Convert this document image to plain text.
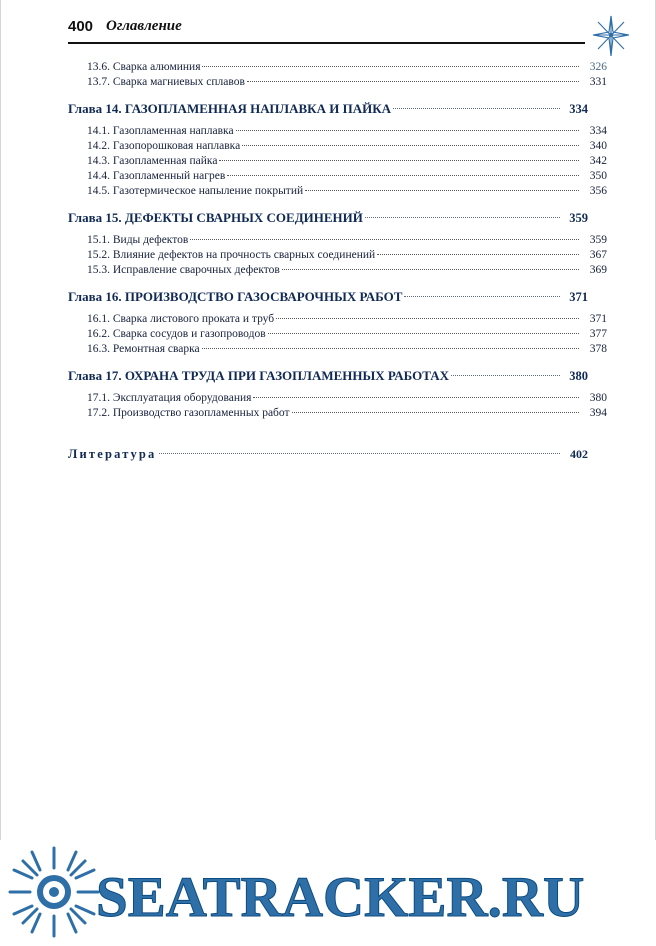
400 Оглавление
13.6. Сварка алюминия	326
13.7. Сварка магниевых сплавов	331
Глава 14. ГАЗОПЛАМЕННАЯ НАПЛАВКА И ПАЙКА	334
14.1. Газопламенная наплавка	334
14.2. Газопорошковая наплавка	340
14.3. Газопламенная пайка	342
14.4. Газопламенный нагрев	350
14.5. Газотермическое напыление покрытий	356
Глава 15. ДЕФЕКТЫ СВАРНЫХ СОЕДИНЕНИЙ	359
15.1. Виды дефектов	359
15.2. Влияние дефектов на прочность сварных соединений	367
15.3. Исправление сварочных дефектов	369
Глава 16. ПРОИЗВОДСТВО ГАЗОСВАРОЧНЫХ РАБОТ	371
16.1. Сварка листового проката и труб	371
16.2. Сварка сосудов и газопроводов	377
16.3. Ремонтная сварка	378
Глава 17. ОХРАНА ТРУДА ПРИ ГАЗОПЛАМЕННЫХ РАБОТАХ	380
17.1. Эксплуатация оборудования	380
17.2. Производство газопламенных работ	394
Литература	402
SEATRACKER.RU
